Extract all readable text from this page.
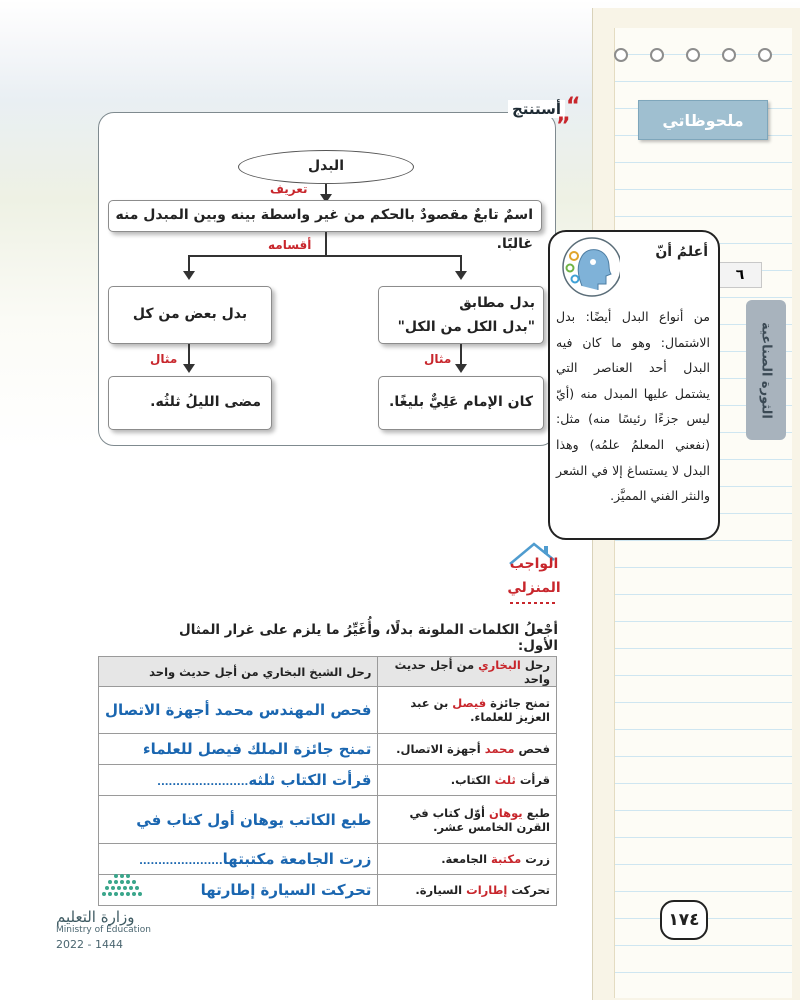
ملحوظاتي
٦
الثورة الصناعية
“
أستنتج
”
البدل
تعريف
اسمٌ تابعٌ مقصودٌ بالحكم من غير واسطة بينه وبين المبدل منه غالبًا.
أقسامه
بدل مطابق
"بدل الكل من الكل"
بدل بعض من كل
مثال
مثال
كان الإمام عَلِيٌّ بليغًا.
مضى الليلُ ثلثُه.
أعلمُ أنّ
من أنواع البدل أيضًا: بدل الاشتمال: وهو ما كان فيه البدل أحد العناصر التي يشتمل عليها المبدل منه (أيّ ليس جزءًا رئيسًا منه) مثل: (نفعني المعلمُ علمُه) وهذا البدل لا يستساغ إلا في الشعر والنثر الفني المميَّز.
الواجب
المنزلي
أجْعلُ الكلمات الملونة بدلًا، وأُغَيِّرُ ما يلزم على غرار المثال الأول:
رحل الشيخ البخاري من أجل حديث واحد	رحل البخاري من أجل حديث واحد
فحص المهندس محمد أجهزة الاتصال	تمنح جائزة فيصل بن عبد العزيز للعلماء.
تمنح جائزة الملك فيصل للعلماء	فحص محمد أجهزة الاتصال.
قرأت الكتاب ثلثه........................	قرأت ثلث الكتاب.
طبع الكاتب يوهان أول كتاب في	طبع يوهان أوّل كتاب في القرن الخامس عشر.
زرت الجامعة مكتبتها......................	زرت مكتبة الجامعة.
تحركت السيارة إطارتها	تحركت إطارات السيارة.
وزارة التعليم
Ministry of Education
2022 - 1444
١٧٤
